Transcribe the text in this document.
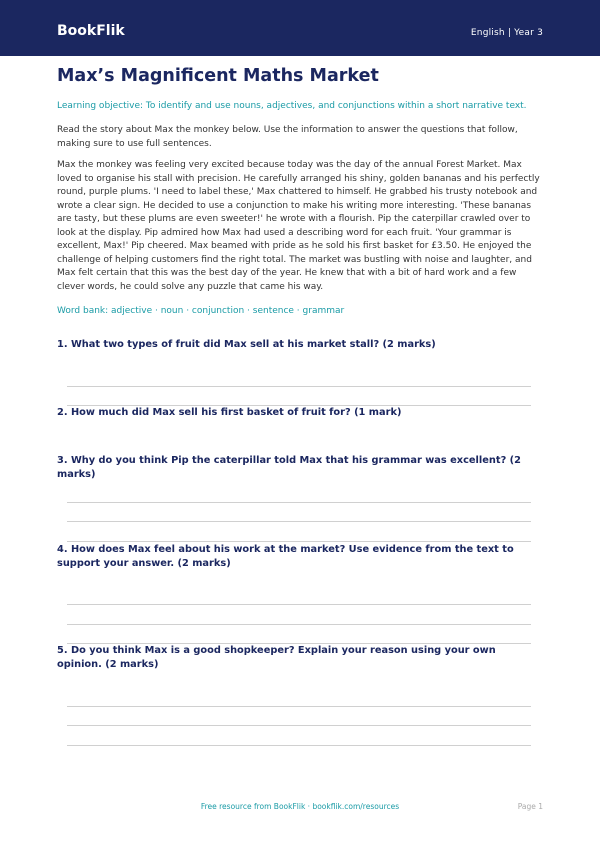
BookFlik	English | Year 3
Max’s Magnificent Maths Market
Learning objective: To identify and use nouns, adjectives, and conjunctions within a short narrative text.

Read the story about Max the monkey below. Use the information to answer the questions that follow, making sure to use full sentences.

Max the monkey was feeling very excited because today was the day of the annual Forest Market. Max loved to organise his stall with precision. He carefully arranged his shiny, golden bananas and his perfectly round, purple plums. 'I need to label these,' Max chattered to himself. He grabbed his trusty notebook and wrote a clear sign. He decided to use a conjunction to make his writing more interesting. 'These bananas are tasty, but these plums are even sweeter!' he wrote with a flourish. Pip the caterpillar crawled over to look at the display. Pip admired how Max had used a describing word for each fruit. 'Your grammar is excellent, Max!' Pip cheered. Max beamed with pride as he sold his first basket for £3.50. He enjoyed the challenge of helping customers find the right total. The market was bustling with noise and laughter, and Max felt certain that this was the best day of the year. He knew that with a bit of hard work and a few clever words, he could solve any puzzle that came his way.

Word bank: adjective · noun · conjunction · sentence · grammar

1. What two types of fruit did Max sell at his market stall? (2 marks)

2. How much did Max sell his first basket of fruit for? (1 mark)

3. Why do you think Pip the caterpillar told Max that his grammar was excellent? (2 marks)

4. How does Max feel about his work at the market? Use evidence from the text to support your answer. (2 marks)

5. Do you think Max is a good shopkeeper? Explain your reason using your own opinion. (2 marks)

Free resource from BookFlik · bookflik.com/resources	Page 1
